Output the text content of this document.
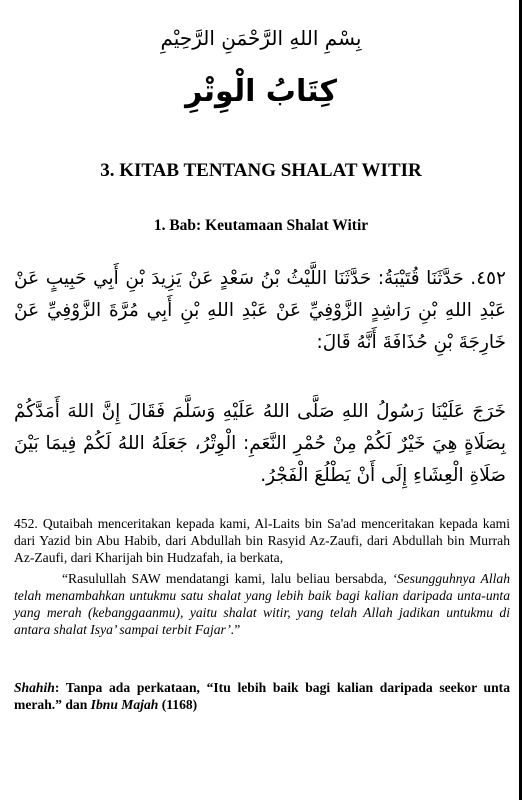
بِسْمِ اللهِ الرَّحْمَنِ الرَّحِيْمِ
كِتَابُ الْوِتْرِ
3. KITAB TENTANG SHALAT WITIR
1. Bab: Keutamaan Shalat Witir
٤٥٢. حَدَّثَنَا قُتَيْبَةُ: حَدَّثَنَا اللَّيْثُ بْنُ سَعْدٍ عَنْ يَزِيدَ بْنِ أَبِي حَبِيبٍ عَنْ عَبْدِ اللهِ بْنِ رَاشِدٍ الزَّوْفِيِّ عَنْ عَبْدِ اللهِ بْنِ أَبِي مُرَّةَ الزَّوْفِيِّ عَنْ خَارِجَةَ بْنِ حُذَافَةَ أَنَّهُ قَالَ:
خَرَجَ عَلَيْنَا رَسُولُ اللهِ صَلَّى اللهُ عَلَيْهِ وَسَلَّمَ فَقَالَ إِنَّ اللهَ أَمَدَّكُمْ بِصَلَاةٍ هِيَ خَيْرٌ لَكُمْ مِنْ حُمْرِ النَّعَمِ: الْوِتْرُ، جَعَلَهُ اللهُ لَكُمْ فِيمَا بَيْنَ صَلَاةِ الْعِشَاءِ إِلَى أَنْ يَطْلُعَ الْفَجْرُ.
452. Qutaibah menceritakan kepada kami, Al-Laits bin Sa'ad menceritakan kepada kami dari Yazid bin Abu Habib, dari Abdullah bin Rasyid Az-Zaufi, dari Abdullah bin Murrah Az-Zaufi, dari Kharijah bin Hudzafah, ia berkata,
“Rasulullah SAW mendatangi kami, lalu beliau bersabda, ‘Sesungguhnya Allah telah menambahkan untukmu satu shalat yang lebih baik bagi kalian daripada unta-unta yang merah (kebanggaanmu), yaitu shalat witir, yang telah Allah jadikan untukmu di antara shalat Isya’ sampai terbit Fajar’.”
Shahih: Tanpa ada perkataan, “Itu lebih baik bagi kalian daripada seekor unta merah.” dan Ibnu Majah (1168)
